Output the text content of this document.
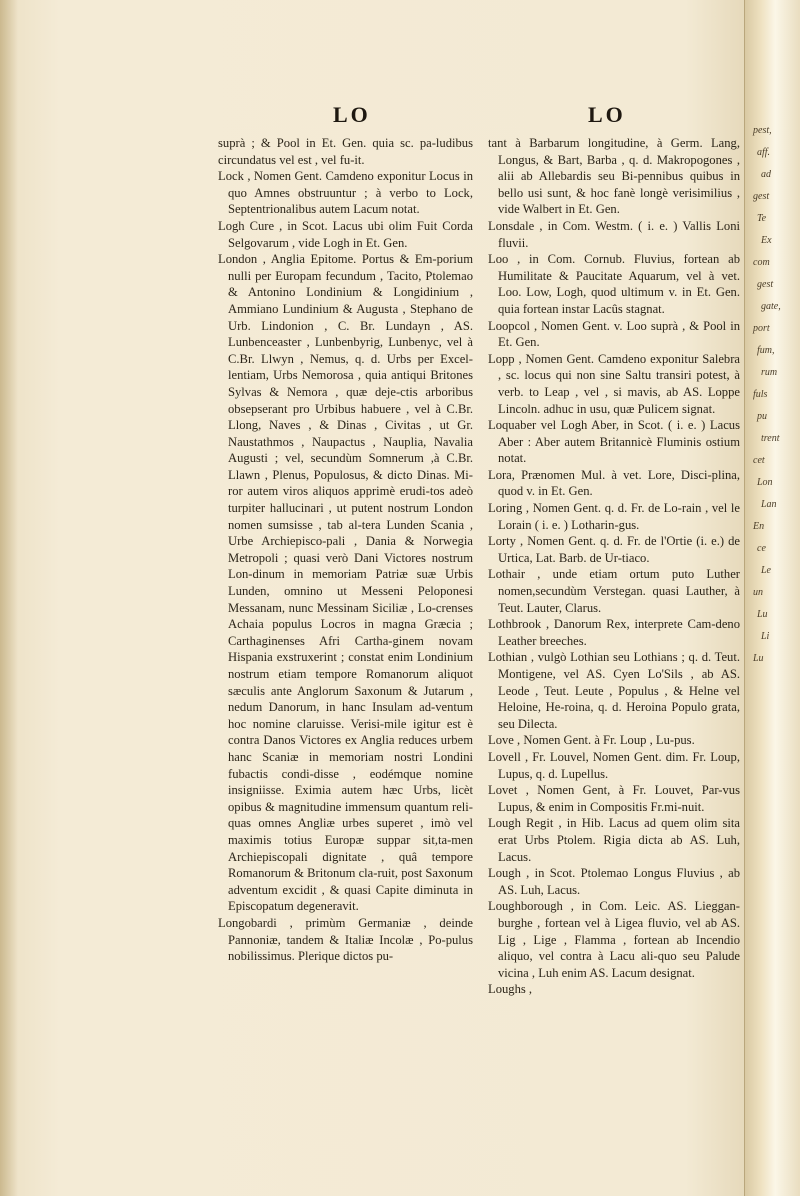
LO	LO

suprà ; & Pool in Et. Gen. quia sc. pa-ludibus circundatus vel est , vel fu-it.

Lock , Nomen Gent. Camdeno exponitur Locus in quo Amnes obstruuntur ; à verbo to Lock, Septentrionalibus autem Lacum notat.

Logh Cure , in Scot. Lacus ubi olim Fuit Corda Selgovarum , vide Logh in Et. Gen.

London , Anglia Epitome. Portus & Em-porium nulli per Europam fecundum , Tacito, Ptolemao & Antonino Londinium & Longidinium , Ammiano Lundinium & Augusta , Stephano de Urb. Lindonion , C. Br. Lundayn , AS. Lunbenceaster , Lunbenbyrig, Lunbenyc, vel à C.Br. Llwyn , Nemus, q. d. Urbs per Excel-lentiam, Urbs Nemorosa , quia antiqui Britones Sylvas & Nemora , quæ deje-ctis arboribus obsepserant pro Urbibus habuere , vel à C.Br. Llong, Naves , & Dinas , Civitas , ut Gr. Naustathmos , Naupactus , Nauplia, Navalia Augusti ; vel, secundùm Somnerum ,à C.Br. Llawn , Plenus, Populosus, & dicto Dinas. Mi-ror autem viros aliquos apprimè erudi-tos adeò turpiter hallucinari , ut putent nostrum London nomen sumsisse , tab al-tera Lunden Scania , Urbe Archiepisco-pali , Dania & Norwegia Metropoli ; quasi verò Dani Victores nostrum Lon-dinum in memoriam Patriæ suæ Urbis Lunden, omnino ut Messeni Peloponesi Messanam, nunc Messinam Siciliæ , Lo-crenses Achaia populus Locros in magna Græcia ; Carthaginenses Afri Cartha-ginem novam Hispania exstruxerint ; constat enim Londinium nostrum etiam tempore Romanorum aliquot sæculis ante Anglorum Saxonum & Jutarum , nedum Danorum, in hanc Insulam ad-ventum hoc nomine claruisse. Verisi-mile igitur est è contra Danos Victores ex Anglia reduces urbem hanc Scaniæ in memoriam nostri Londini fubactis condi-disse , eodémque nomine insigniisse. Eximia autem hæc Urbs, licèt opibus & magnitudine immensum quantum reli-quas omnes Angliæ urbes superet , imò vel maximis totius Europæ suppar sit,ta-men Archiepiscopali dignitate , quâ tempore Romanorum & Britonum cla-ruit, post Saxonum adventum excidit , & quasi Capite diminuta in Episcopatum degeneravit.

Longobardi , primùm Germaniæ , deinde Pannoniæ, tandem & Italiæ Incolæ , Po-pulus nobilissimus. Plerique dictos pu-

tant à Barbarum longitudine, à Germ. Lang, Longus, & Bart, Barba , q. d. Makropogones , alii ab Allebardis seu Bi-pennibus quibus in bello usi sunt, & hoc fanè longè verisimilius , vide Walbert in Et. Gen.

Lonsdale , in Com. Westm. ( i. e. ) Vallis Loni fluvii.

Loo , in Com. Cornub. Fluvius, fortean ab Humilitate & Paucitate Aquarum, vel à vet. Loo. Low, Logh, quod ultimum v. in Et. Gen. quia fortean instar Lacûs stagnat.

Loopcol , Nomen Gent. v. Loo suprà , & Pool in Et. Gen.

Lopp , Nomen Gent. Camdeno exponitur Salebra , sc. locus qui non sine Saltu transiri potest, à verb. to Leap , vel , si mavis, ab AS. Loppe Lincoln. adhuc in usu, quæ Pulicem signat.

Loquaber vel Logh Aber, in Scot. ( i. e. ) Lacus Aber : Aber autem Britannicè Fluminis ostium notat.

Lora, Prænomen Mul. à vet. Lore, Disci-plina, quod v. in Et. Gen.

Loring , Nomen Gent. q. d. Fr. de Lo-rain , vel le Lorain ( i. e. ) Lotharin-gus.

Lorty , Nomen Gent. q. d. Fr. de l'Ortie (i. e.) de Urtica, Lat. Barb. de Ur-tiaco.

Lothair , unde etiam ortum puto Luther nomen,secundùm Verstegan. quasi Lauther, à Teut. Lauter, Clarus.

Lothbrook , Danorum Rex, interprete Cam-deno Leather breeches.

Lothian , vulgò Lothian seu Lothians ; q. d. Teut. Montigene, vel AS. Cyen Lo'Sils , ab AS. Leode , Teut. Leute , Populus , & Helne vel Heloine, He-roina, q. d. Heroina Populo grata, seu Dilecta.

Love , Nomen Gent. à Fr. Loup , Lu-pus.

Lovell , Fr. Louvel, Nomen Gent. dim. Fr. Loup, Lupus, q. d. Lupellus.

Lovet , Nomen Gent, à Fr. Louvet, Par-vus Lupus, & enim in Compositis Fr.mi-nuit.

Lough Regit , in Hib. Lacus ad quem olim sita erat Urbs Ptolem. Rigia dicta ab AS. Luh, Lacus.

Lough , in Scot. Ptolemao Longus Fluvius , ab AS. Luh, Lacus.

Loughborough , in Com. Leic. AS. Lieggan-burghe , fortean vel à Ligea fluvio, vel ab AS. Lig , Lige , Flamma , fortean ab Incendio aliquo, vel contra à Lacu ali-quo seu Palude vicina , Luh enim AS. Lacum designat.

Loughs ,

pest,
aff.
ad
gest
Te
Ex
com
gest
gate,
port
fum,
rum
fuls
pu
trent
cet
Lon
Lan
En
ce
Le
un
Lu
Li
Lu
